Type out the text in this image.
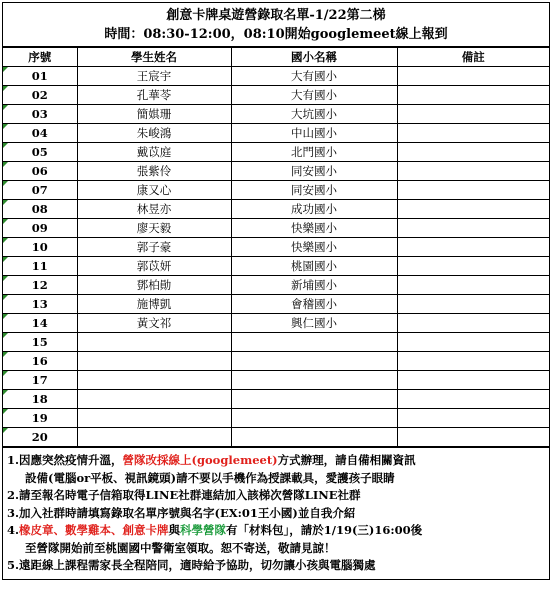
創意卡牌桌遊營錄取名單-1/22第二梯
時間：08:30-12:00，08:10開始googlemeet線上報到
序號	學生姓名	國小名稱	備註
01	王宸宇	大有國小	
02	孔華苓	大有國小	
03	簡娸珊	大坑國小	
04	朱峻鴻	中山國小	
05	戴苡庭	北門國小	
06	張紫伶	同安國小	
07	康又心	同安國小	
08	林昱亦	成功國小	
09	廖天毅	快樂國小	
10	郭子豪	快樂國小	
11	郭苡妍	桃園國小	
12	鄧柏勛	新埔國小	
13	施博凱	會稽國小	
14	黃文祁	興仁國小	
15			
16			
17			
18			
19			
20			
1.因應突然疫情升溫，營隊改採線上(googlemeet)方式辦理，請自備相關資訊
設備(電腦or平板、視訊鏡頭)請不要以手機作為授課載具，愛護孩子眼睛
2.請至報名時電子信箱取得LINE社群連結加入該梯次營隊LINE社群
3.加入社群時請填寫錄取名單序號與名字(EX:01王小國)並自我介紹
4.橡皮章、數學雞本、創意卡牌與科學營隊有「材料包」，請於1/19(三)16:00後
至營隊開始前至桃園國中警衛室領取。恕不寄送，敬請見諒！
5.遠距線上課程需家長全程陪同，適時給予協助，切勿讓小孩與電腦獨處
